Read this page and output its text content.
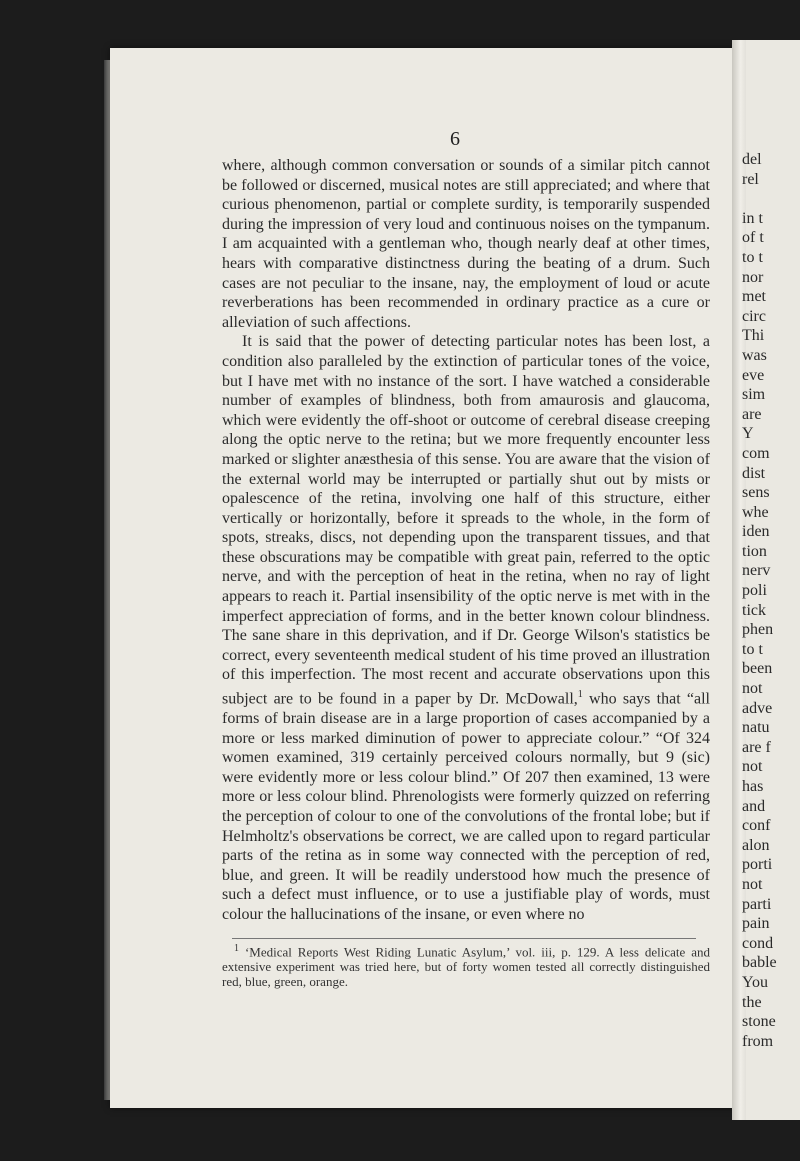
6

where, although common conversation or sounds of a similar pitch cannot be followed or discerned, musical notes are still appreciated; and where that curious phenomenon, partial or complete surdity, is temporarily suspended during the impression of very loud and continuous noises on the tympanum. I am acquainted with a gentleman who, though nearly deaf at other times, hears with comparative distinctness during the beating of a drum. Such cases are not peculiar to the insane, nay, the employment of loud or acute reverberations has been recommended in ordinary practice as a cure or alleviation of such affections.

It is said that the power of detecting particular notes has been lost, a condition also paralleled by the extinction of particular tones of the voice, but I have met with no instance of the sort. I have watched a considerable number of examples of blindness, both from amaurosis and glaucoma, which were evidently the off-shoot or outcome of cerebral disease creeping along the optic nerve to the retina; but we more frequently encounter less marked or slighter anæsthesia of this sense. You are aware that the vision of the external world may be interrupted or partially shut out by mists or opalescence of the retina, involving one half of this structure, either vertically or horizontally, before it spreads to the whole, in the form of spots, streaks, discs, not depending upon the transparent tissues, and that these obscurations may be compatible with great pain, referred to the optic nerve, and with the perception of heat in the retina, when no ray of light appears to reach it. Partial insensibility of the optic nerve is met with in the imperfect appreciation of forms, and in the better known colour blindness. The sane share in this deprivation, and if Dr. George Wilson's statistics be correct, every seventeenth medical student of his time proved an illustration of this imperfection. The most recent and accurate observations upon this subject are to be found in a paper by Dr. McDowall,$^1$ who says that “all forms of brain disease are in a large proportion of cases accompanied by a more or less marked diminution of power to appreciate colour.” “Of 324 women examined, 319 certainly perceived colours normally, but 9 (sic) were evidently more or less colour blind.” Of 207 then examined, 13 were more or less colour blind. Phrenologists were formerly quizzed on referring the perception of colour to one of the convolutions of the frontal lobe; but if Helmholtz's observations be correct, we are called upon to regard particular parts of the retina as in some way connected with the perception of red, blue, and green. It will be readily understood how much the presence of such a defect must influence, or to use a justifiable play of words, must colour the hallucinations of the insane, or even where no

$^1$ ‘Medical Reports West Riding Lunatic Asylum,’ vol. iii, p. 129. A less delicate and extensive experiment was tried here, but of forty women tested all correctly distinguished red, blue, green, orange.

del
rel
in t
of t
to t
nor
met
circ
Thi
was
eve
sim
are
Y
com
dist
sens
whe
iden
tion
nerv
poli
tick
phen
to t
been
not
adve
natu
are f
not
has
and
conf
alon
porti
not
parti
pain
cond
bable
You
the
stone
from
